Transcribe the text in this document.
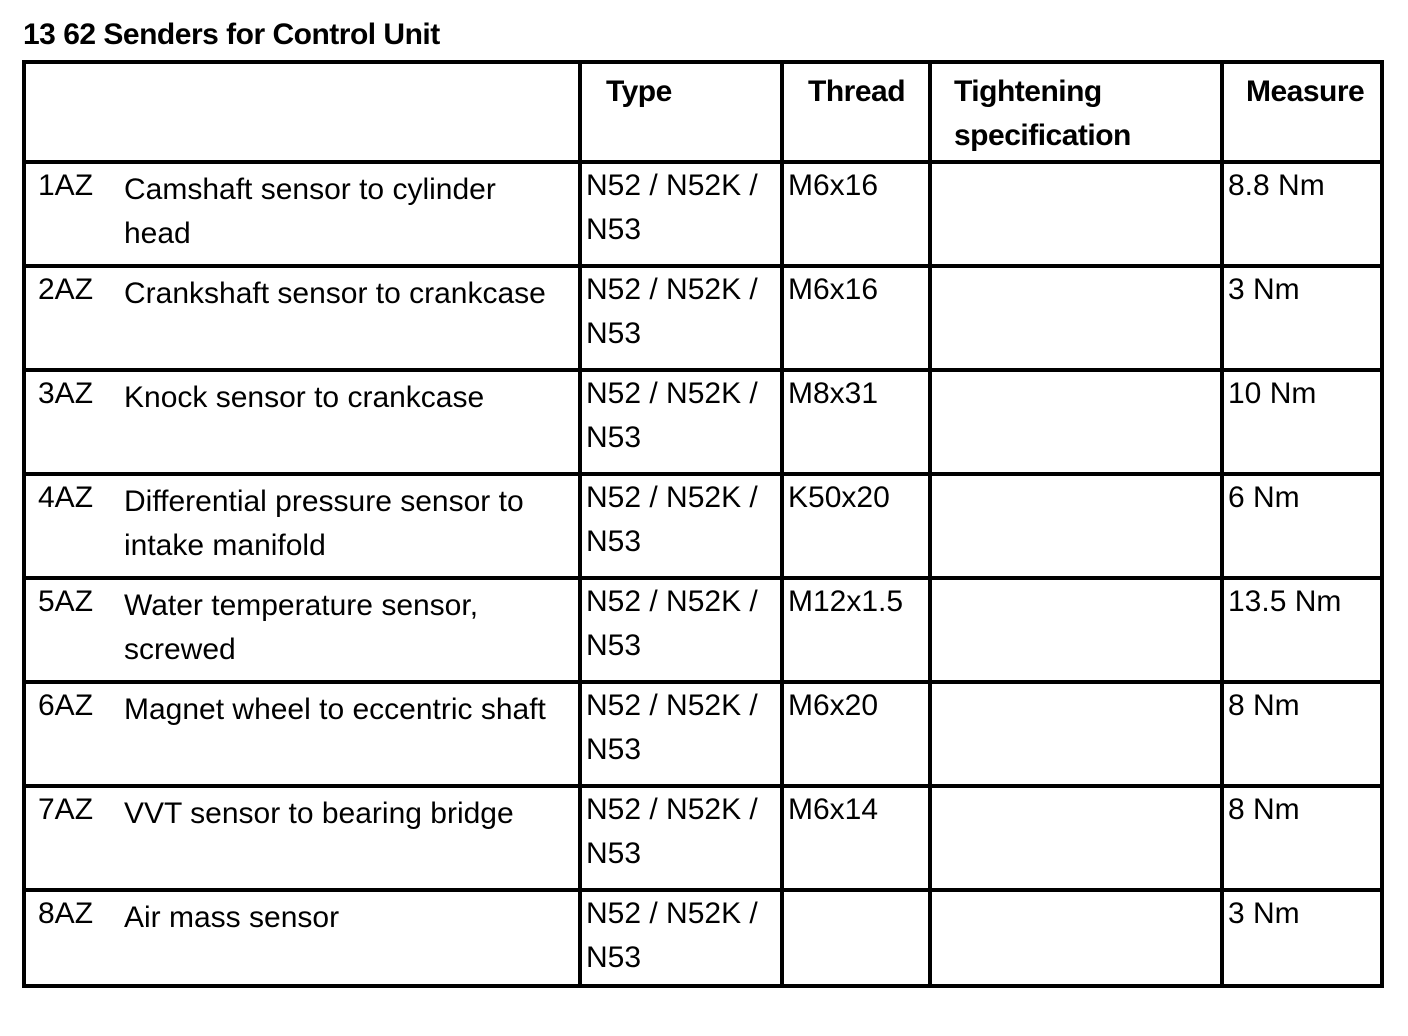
13 62 Senders for Control Unit
	Type	Thread	Tightening specification	Measure

1AZ Camshaft sensor to cylinder head	N52 / N52K / N53	M6x16		8.8 Nm

2AZ Crankshaft sensor to crankcase	N52 / N52K / N53	M6x16		3 Nm

3AZ Knock sensor to crankcase	N52 / N52K / N53	M8x31		10 Nm

4AZ Differential pressure sensor to intake manifold	N52 / N52K / N53	K50x20		6 Nm

5AZ Water temperature sensor, screwed	N52 / N52K / N53	M12x1.5		13.5 Nm

6AZ Magnet wheel to eccentric shaft	N52 / N52K / N53	M6x20		8 Nm

7AZ VVT sensor to bearing bridge	N52 / N52K / N53	M6x14		8 Nm

8AZ Air mass sensor	N52 / N52K / N53			3 Nm
